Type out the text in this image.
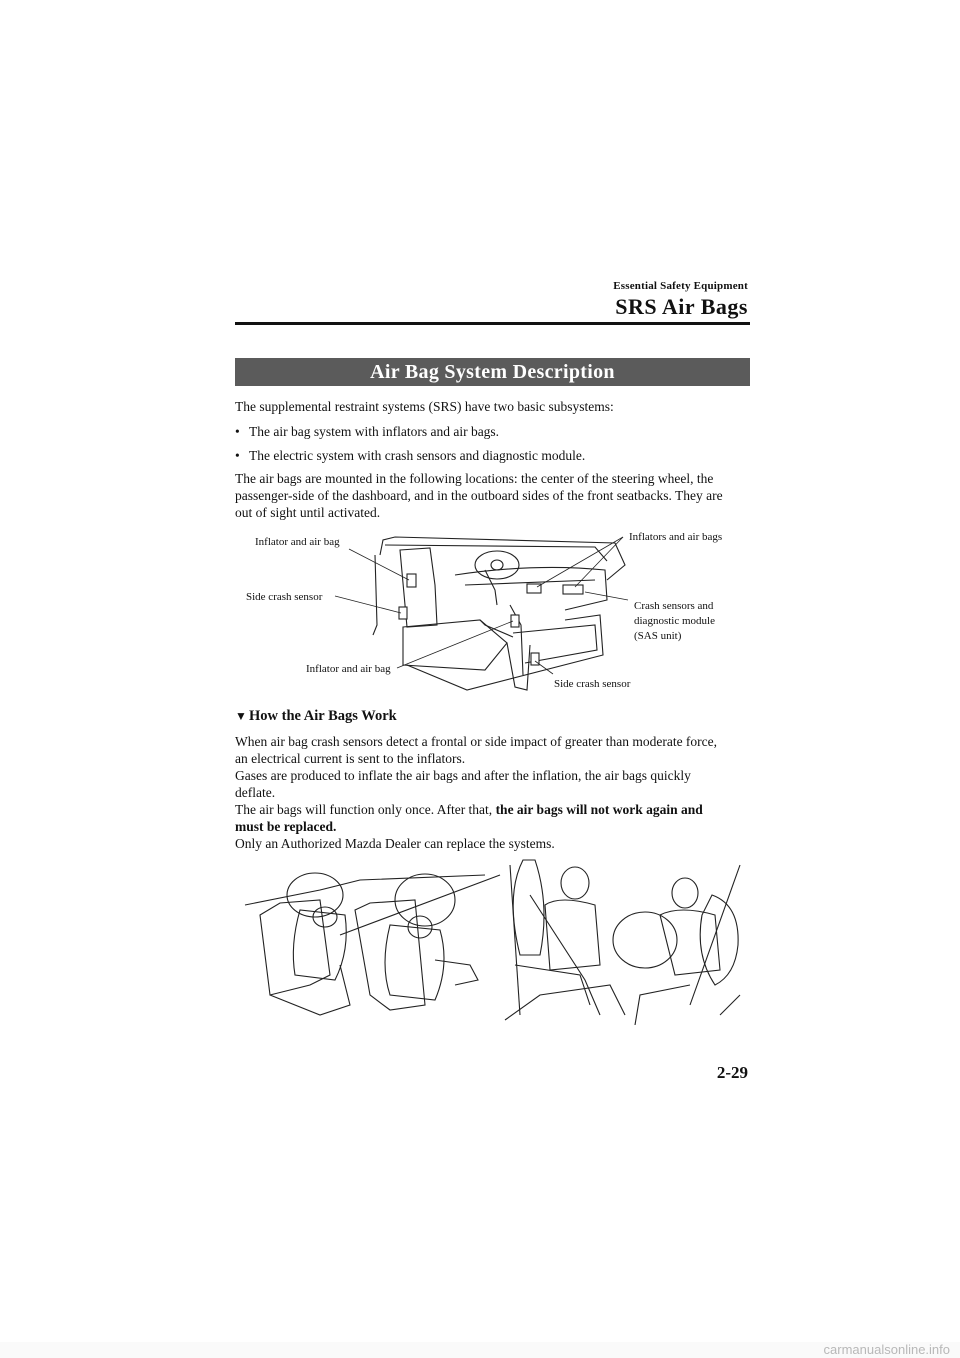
Essential Safety Equipment
SRS Air Bags
Air Bag System Description
The supplemental restraint systems (SRS) have two basic subsystems:
• The air bag system with inflators and air bags.
• The electric system with crash sensors and diagnostic module.
The air bags are mounted in the following locations: the center of the steering wheel, the
passenger-side of the dashboard, and in the outboard sides of the front seatbacks. They are
out of sight until activated.
Inflator and air bag	Inflators and air bags
Side crash sensor
Crash sensors and
diagnostic module
(SAS unit)
Inflator and air bag
Side crash sensor
▼ How the Air Bags Work
When air bag crash sensors detect a frontal or side impact of greater than moderate force,
an electrical current is sent to the inflators.
Gases are produced to inflate the air bags and after the inflation, the air bags quickly
deflate.
The air bags will function only once. After that, the air bags will not work again and
must be replaced.
Only an Authorized Mazda Dealer can replace the systems.
2-29
carmanualsonline.info
